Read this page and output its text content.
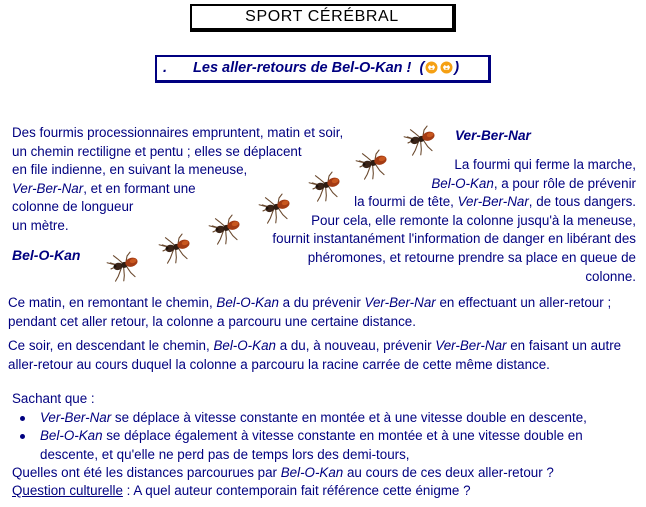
SPORT CÉRÉBRAL
. Les aller-retours de Bel-O-Kan ! ( )
Des fourmis processionnaires empruntent, matin et soir,
un chemin rectiligne et pentu ; elles se déplacent
en file indienne, en suivant la meneuse,
Ver-Ber-Nar, et en formant une
colonne de longueur
un mètre.
Bel-O-Kan
Ver-Ber-Nar
La fourmi qui ferme la marche,
Bel-O-Kan, a pour rôle de prévenir
la fourmi de tête, Ver-Ber-Nar, de tous dangers.
Pour cela, elle remonte la colonne jusqu'à la meneuse,
fournit instantanément l'information de danger en libérant des
phéromones, et retourne prendre sa place en queue de colonne.
Ce matin, en remontant le chemin, Bel-O-Kan a du prévenir Ver-Ber-Nar en effectuant un aller-retour ; pendant cet aller retour, la colonne a parcouru une certaine distance.
Ce soir, en descendant le chemin, Bel-O-Kan a du, à nouveau, prévenir Ver-Ber-Nar en faisant un autre aller-retour au cours duquel la colonne a parcouru la racine carrée de cette même distance.
Sachant que :
Ver-Ber-Nar se déplace à vitesse constante en montée et à une vitesse double en descente,
Bel-O-Kan se déplace également à vitesse constante en montée et à une vitesse double en descente, et qu'elle ne perd pas de temps lors des demi-tours,
Quelles ont été les distances parcourues par Bel-O-Kan au cours de ces deux aller-retour ?
Question culturelle : A quel auteur contemporain fait référence cette énigme ?
